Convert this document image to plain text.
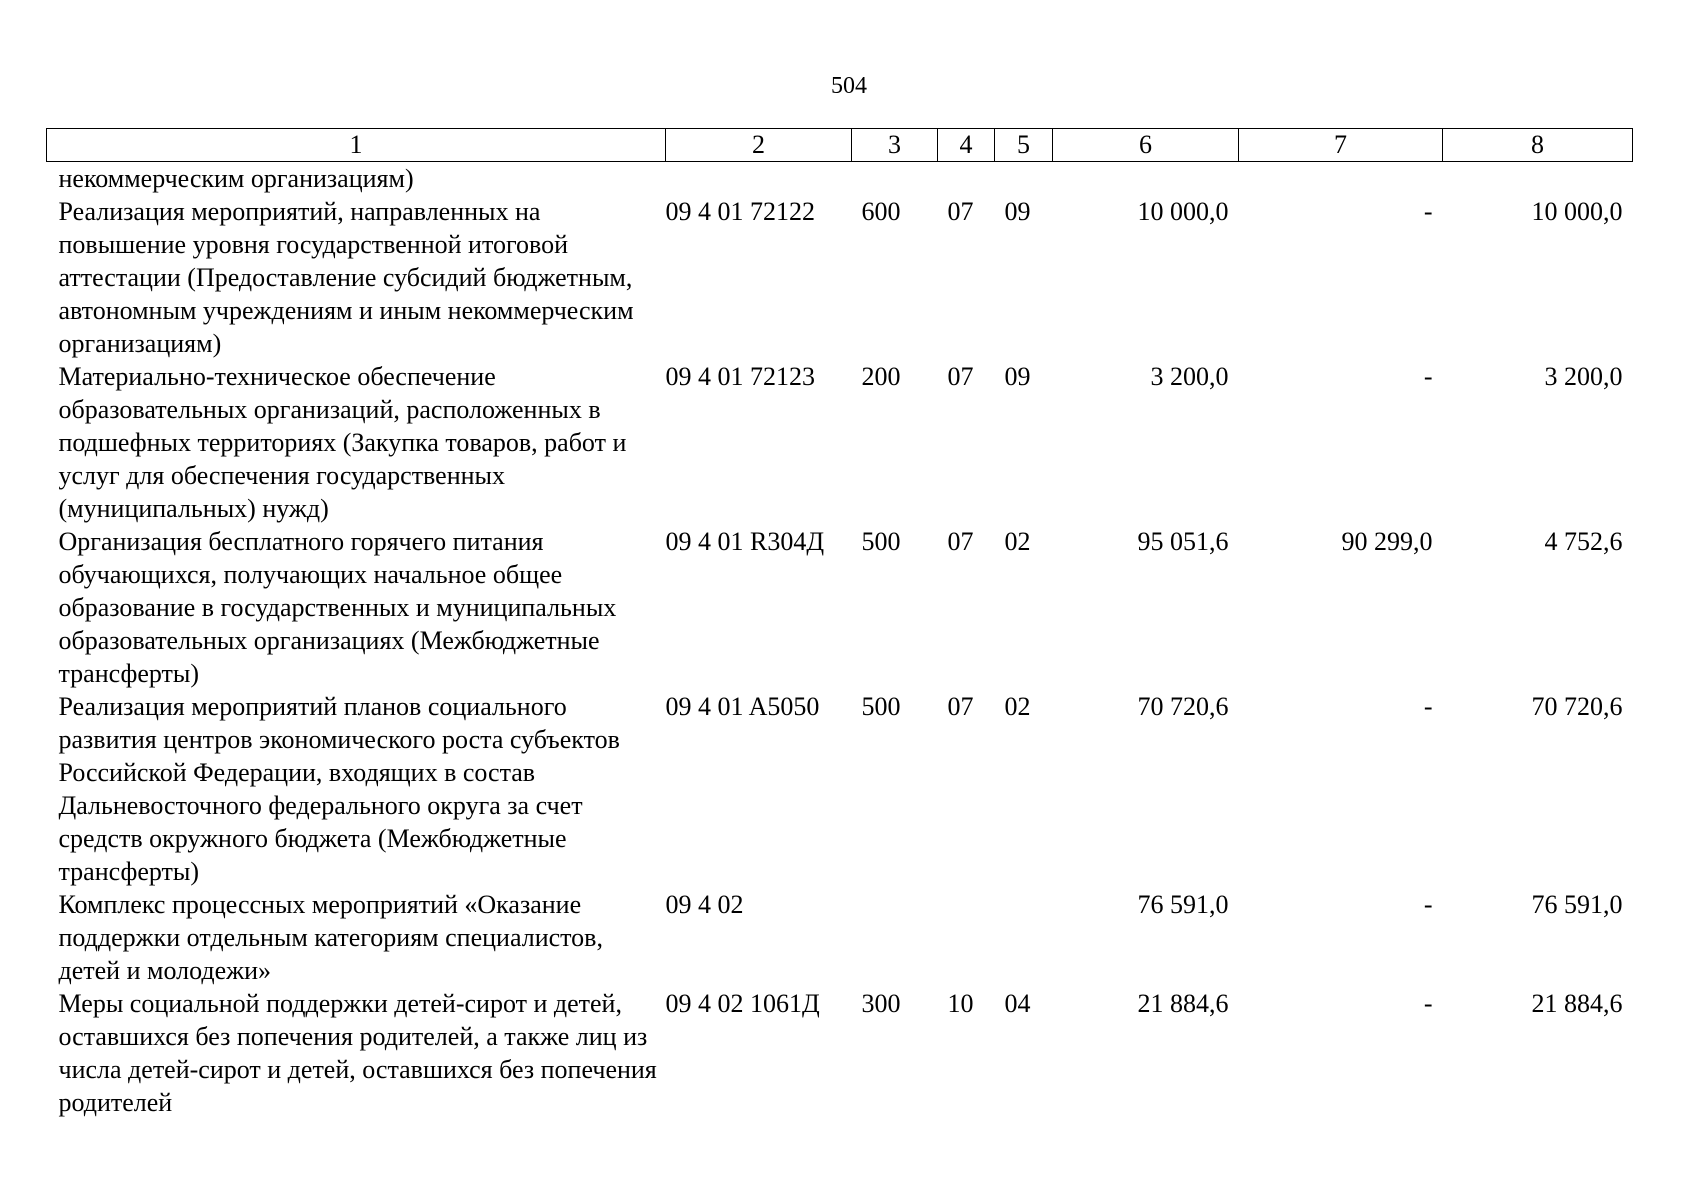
504
1	2	3	4	5	6	7	8
некоммерческим организациям)							
Реализация мероприятий, направленных на повышение уровня государственной итоговой аттестации (Предоставление субсидий бюджетным, автономным учреждениям и иным некоммерческим организациям)	09 4 01 72122	600	07	09	10 000,0	-	10 000,0
Материально-техническое обеспечение образовательных организаций, расположенных в подшефных территориях (Закупка товаров, работ и услуг для обеспечения государственных (муниципальных) нужд)	09 4 01 72123	200	07	09	3 200,0	-	3 200,0
Организация бесплатного горячего питания обучающихся, получающих начальное общее образование в государственных и муниципальных образовательных организациях (Межбюджетные трансферты)	09 4 01 R304Д	500	07	02	95 051,6	90 299,0	4 752,6
Реализация мероприятий планов социального развития центров экономического роста субъектов Российской Федерации, входящих в состав Дальневосточного федерального округа за счет средств окружного бюджета (Межбюджетные трансферты)	09 4 01 A5050	500	07	02	70 720,6	-	70 720,6
Комплекс процессных мероприятий «Оказание поддержки отдельным категориям специалистов, детей и молодежи»	09 4 02				76 591,0	-	76 591,0
Меры социальной поддержки детей-сирот и детей, оставшихся без попечения родителей, а также лиц из числа детей-сирот и детей, оставшихся без попечения родителей	09 4 02 1061Д	300	10	04	21 884,6	-	21 884,6
